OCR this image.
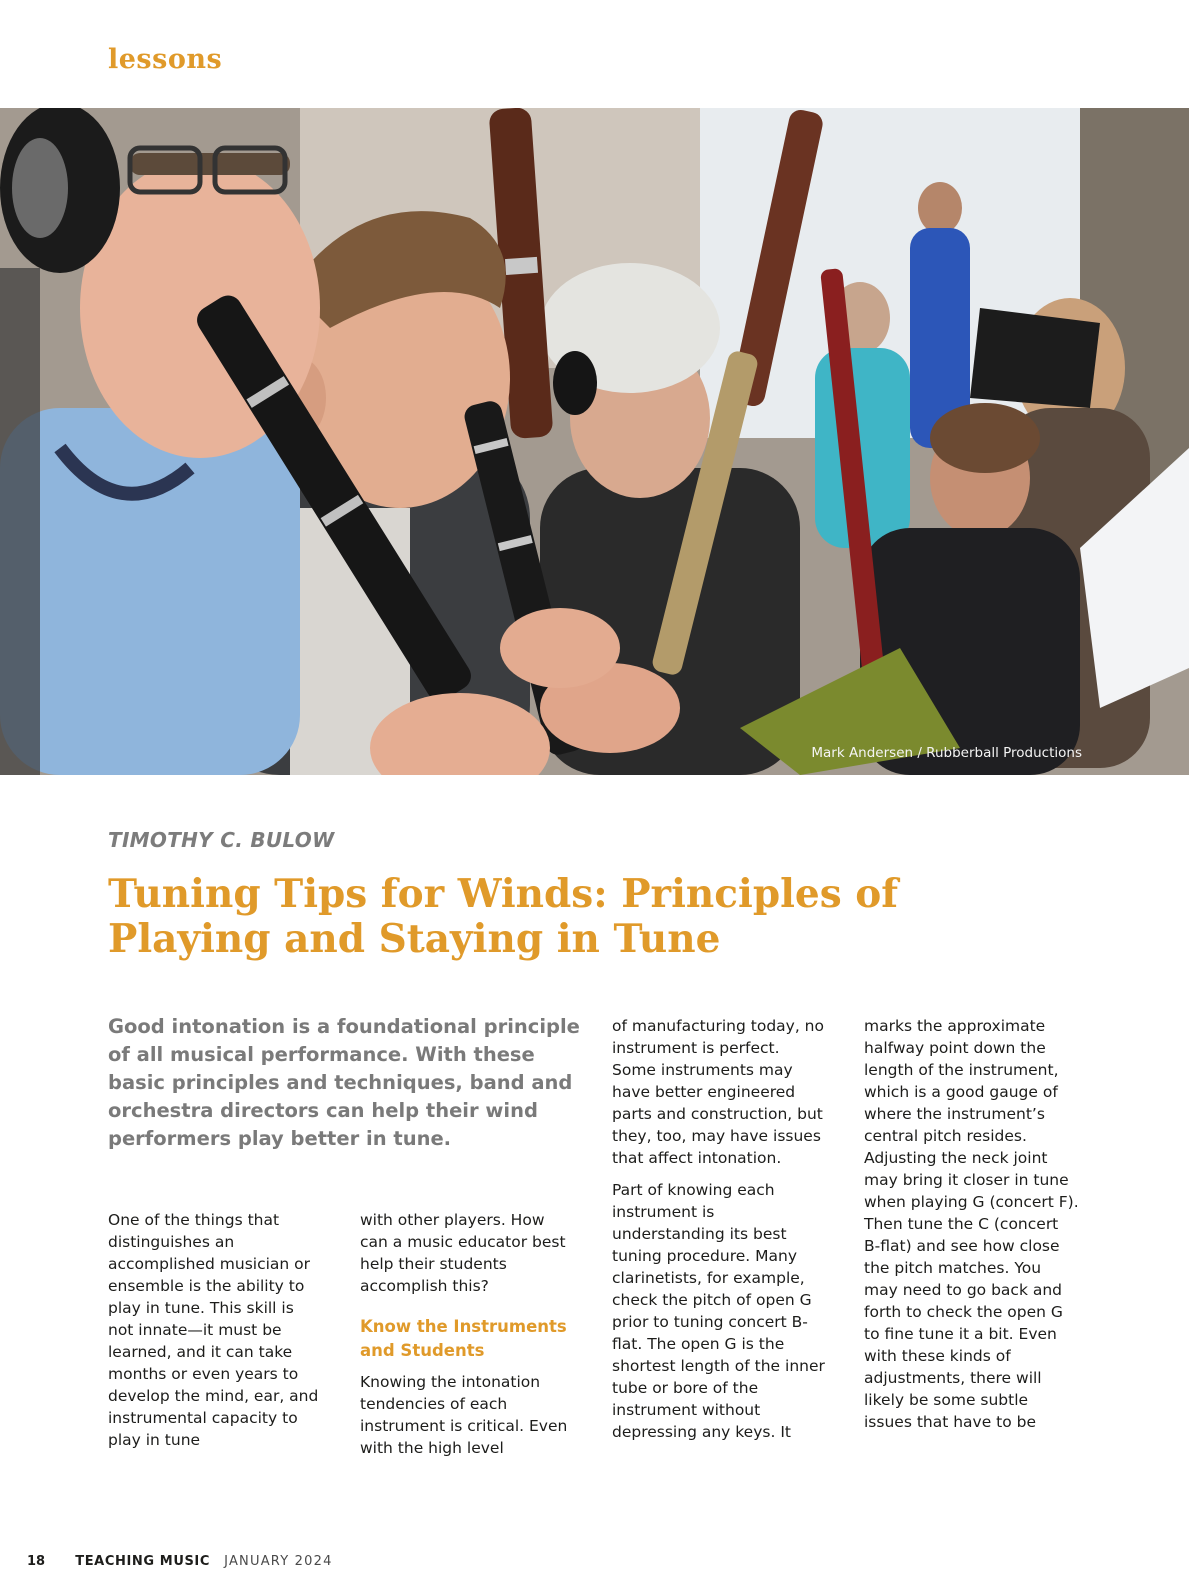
lessons
Mark Andersen / Rubberball Productions
TIMOTHY C. BULOW
Tuning Tips for Winds: Principles of Playing and Staying in Tune

Good intonation is a foundational principle of all musical performance. With these basic principles and techniques, band and orchestra directors can help their wind performers play better in tune.

One of the things that distinguishes an accomplished musician or ensemble is the ability to play in tune. This skill is not innate—it must be learned, and it can take months or even years to develop the mind, ear, and instrumental capacity to play in tune

with other players. How can a music educator best help their students accomplish this?

Know the Instruments and Students

Knowing the intonation tendencies of each instrument is critical. Even with the high level

of manufacturing today, no instrument is perfect. Some instruments may have better engineered parts and construction, but they, too, may have issues that affect intonation.

Part of knowing each instrument is understanding its best tuning procedure. Many clarinetists, for example, check the pitch of open G prior to tuning concert B-flat. The open G is the shortest length of the inner tube or bore of the instrument without depressing any keys. It

marks the approximate halfway point down the length of the instrument, which is a good gauge of where the instrument’s central pitch resides. Adjusting the neck joint may bring it closer in tune when playing G (concert F). Then tune the C (concert B-flat) and see how close the pitch matches. You may need to go back and forth to check the open G to fine tune it a bit. Even with these kinds of adjustments, there will likely be some subtle issues that have to be

18 TEACHING MUSIC JANUARY 2024
